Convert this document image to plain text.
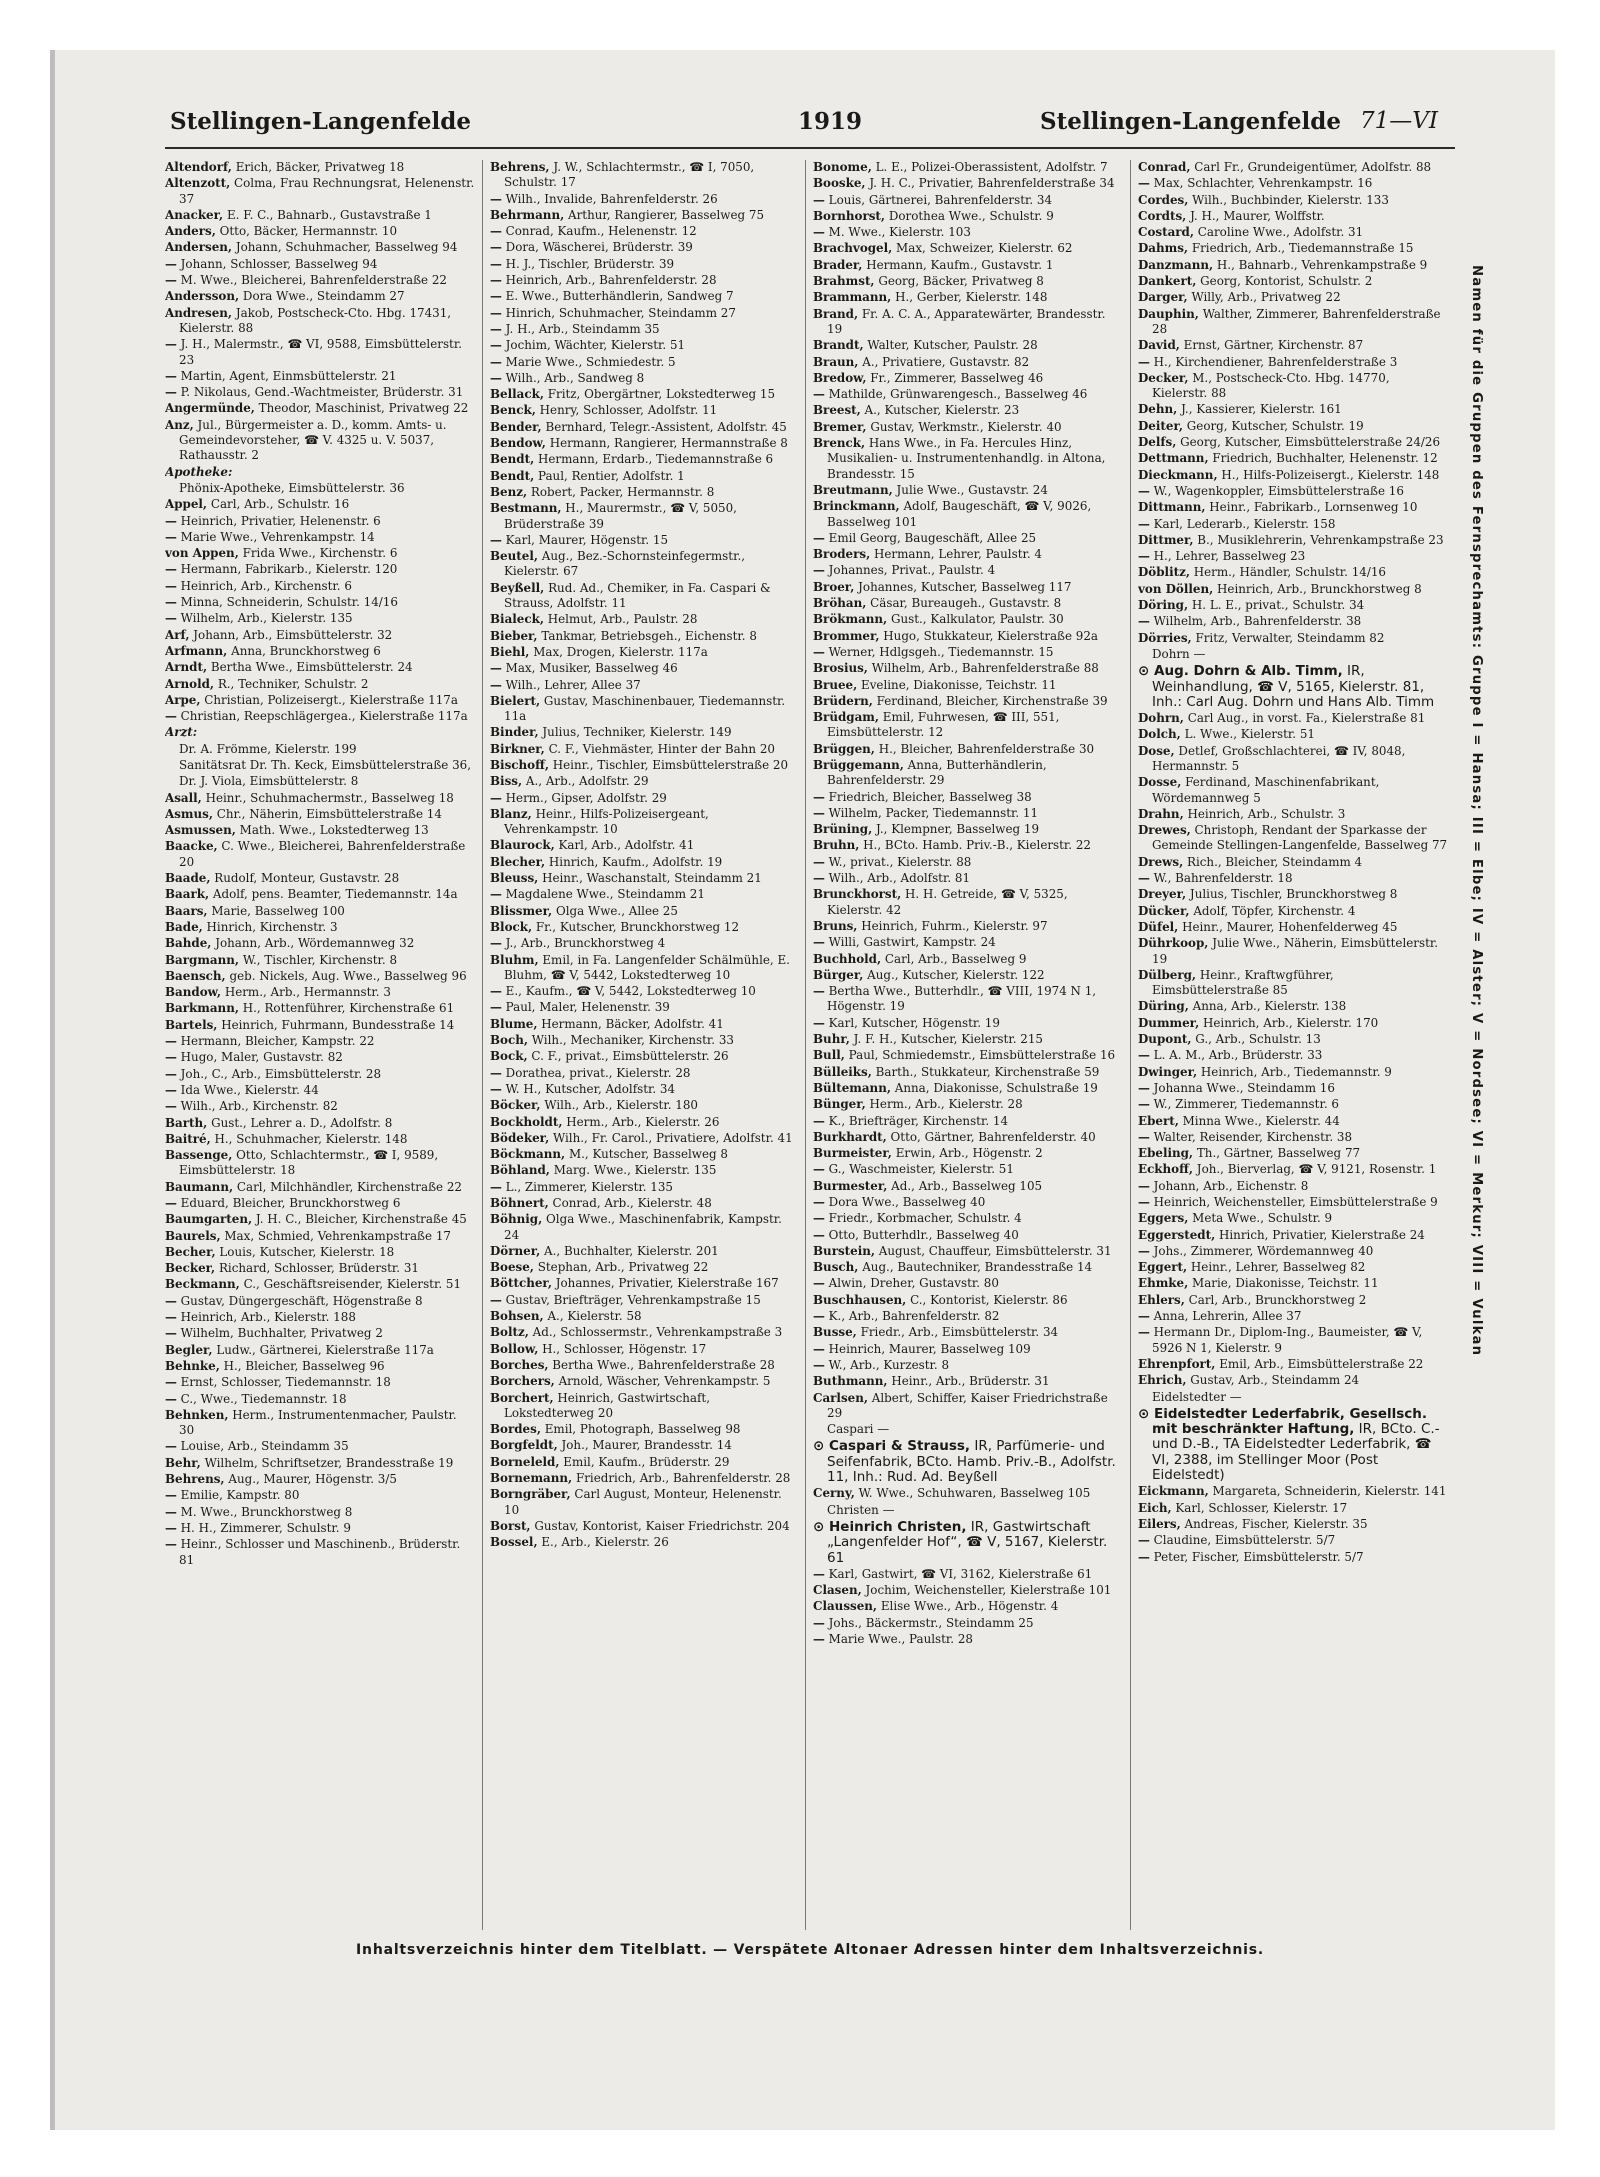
Stellingen-Langenfelde	1919	Stellingen-Langenfelde 71—VI
Altendorf, Erich, Bäcker, Privatweg 18
Altenzott, Colma, Frau Rechnungsrat, Helenenstr. 37
Anacker, E. F. C., Bahnarb., Gustavstraße 1
Anders, Otto, Bäcker, Hermannstr. 10
Andersen, Johann, Schuhmacher, Basselweg 94
— Johann, Schlosser, Basselweg 94
— M. Wwe., Bleicherei, Bahrenfelderstraße 22
Andersson, Dora Wwe., Steindamm 27
Andresen, Jakob, Postscheck-Cto. Hbg. 17431, Kielerstr. 88
— J. H., Malermstr., ☎ VI, 9588, Eimsbüttelerstr. 23
— Martin, Agent, Einmsbüttelerstr. 21
— P. Nikolaus, Gend.-Wachtmeister, Brüderstr. 31
Angermünde, Theodor, Maschinist, Privatweg 22
Anz, Jul., Bürgermeister a. D., komm. Amts- u. Gemeindevorsteher, ☎ V. 4325 u. V. 5037, Rathausstr. 2
Apotheke:
Phönix-Apotheke, Eimsbüttelerstr. 36
Appel, Carl, Arb., Schulstr. 16
— Heinrich, Privatier, Helenenstr. 6
— Marie Wwe., Vehrenkampstr. 14
von Appen, Frida Wwe., Kirchenstr. 6
— Hermann, Fabrikarb., Kielerstr. 120
— Heinrich, Arb., Kirchenstr. 6
— Minna, Schneiderin, Schulstr. 14/16
— Wilhelm, Arb., Kielerstr. 135
Arf, Johann, Arb., Eimsbüttelerstr. 32
Arfmann, Anna, Brunckhorstweg 6
Arndt, Bertha Wwe., Eimsbüttelerstr. 24
Arnold, R., Techniker, Schulstr. 2
Arpe, Christian, Polizeisergt., Kielerstraße 117a
— Christian, Reepschlägergea., Kielerstraße 117a
Arzt:
Dr. A. Frömme, Kielerstr. 199
Sanitätsrat Dr. Th. Keck, Eimsbüttelerstraße 36,
Dr. J. Viola, Eimsbüttelerstr. 8
Asall, Heinr., Schuhmachermstr., Basselweg 18
Asmus, Chr., Näherin, Eimsbüttelerstraße 14
Asmussen, Math. Wwe., Lokstedterweg 13
Baacke, C. Wwe., Bleicherei, Bahrenfelderstraße 20
Baade, Rudolf, Monteur, Gustavstr. 28
Baark, Adolf, pens. Beamter, Tiedemannstr. 14a
Baars, Marie, Basselweg 100
Bade, Hinrich, Kirchenstr. 3
Bahde, Johann, Arb., Wördemannweg 32
Bargmann, W., Tischler, Kirchenstr. 8
Baensch, geb. Nickels, Aug. Wwe., Basselweg 96
Bandow, Herm., Arb., Hermannstr. 3
Barkmann, H., Rottenführer, Kirchenstraße 61
Bartels, Heinrich, Fuhrmann, Bundesstraße 14
— Hermann, Bleicher, Kampstr. 22
— Hugo, Maler, Gustavstr. 82
— Joh., C., Arb., Eimsbüttelerstr. 28
— Ida Wwe., Kielerstr. 44
— Wilh., Arb., Kirchenstr. 82
Barth, Gust., Lehrer a. D., Adolfstr. 8
Baitré, H., Schuhmacher, Kielerstr. 148
Bassenge, Otto, Schlachtermstr., ☎ I, 9589, Eimsbüttelerstr. 18
Baumann, Carl, Milchhändler, Kirchenstraße 22
— Eduard, Bleicher, Brunckhorstweg 6
Baumgarten, J. H. C., Bleicher, Kirchenstraße 45
Baurels, Max, Schmied, Vehrenkampstraße 17
Becher, Louis, Kutscher, Kielerstr. 18
Becker, Richard, Schlosser, Brüderstr. 31
Beckmann, C., Geschäftsreisender, Kielerstr. 51
— Gustav, Düngergeschäft, Högenstraße 8
— Heinrich, Arb., Kielerstr. 188
— Wilhelm, Buchhalter, Privatweg 2
Begler, Ludw., Gärtnerei, Kielerstraße 117a
Behnke, H., Bleicher, Basselweg 96
— Ernst, Schlosser, Tiedemannstr. 18
— C., Wwe., Tiedemannstr. 18
Behnken, Herm., Instrumentenmacher, Paulstr. 30
— Louise, Arb., Steindamm 35
Behr, Wilhelm, Schriftsetzer, Brandesstraße 19
Behrens, Aug., Maurer, Högenstr. 3/5
— Emilie, Kampstr. 80
— M. Wwe., Brunckhorstweg 8
— H. H., Zimmerer, Schulstr. 9
— Heinr., Schlosser und Maschinenb., Brüderstr. 81
Behrens, J. W., Schlachtermstr., ☎ I, 7050, Schulstr. 17
— Wilh., Invalide, Bahrenfelderstr. 26
Behrmann, Arthur, Rangierer, Basselweg 75
— Conrad, Kaufm., Helenenstr. 12
— Dora, Wäscherei, Brüderstr. 39
— H. J., Tischler, Brüderstr. 39
— Heinrich, Arb., Bahrenfelderstr. 28
— E. Wwe., Butterhändlerin, Sandweg 7
— Hinrich, Schuhmacher, Steindamm 27
— J. H., Arb., Steindamm 35
— Jochim, Wächter, Kielerstr. 51
— Marie Wwe., Schmiedestr. 5
— Wilh., Arb., Sandweg 8
Bellack, Fritz, Obergärtner, Lokstedterweg 15
Benck, Henry, Schlosser, Adolfstr. 11
Bender, Bernhard, Telegr.-Assistent, Adolfstr. 45
Bendow, Hermann, Rangierer, Hermannstraße 8
Bendt, Hermann, Erdarb., Tiedemannstraße 6
Bendt, Paul, Rentier, Adolfstr. 1
Benz, Robert, Packer, Hermannstr. 8
Bestmann, H., Maurermstr., ☎ V, 5050, Brüderstraße 39
— Karl, Maurer, Högenstr. 15
Beutel, Aug., Bez.-Schornsteinfegermstr., Kielerstr. 67
Beyßell, Rud. Ad., Chemiker, in Fa. Caspari & Strauss, Adolfstr. 11
Bialeck, Helmut, Arb., Paulstr. 28
Bieber, Tankmar, Betriebsgeh., Eichenstr. 8
Biehl, Max, Drogen, Kielerstr. 117a
— Max, Musiker, Basselweg 46
— Wilh., Lehrer, Allee 37
Bielert, Gustav, Maschinenbauer, Tiedemannstr. 11a
Binder, Julius, Techniker, Kielerstr. 149
Birkner, C. F., Viehmäster, Hinter der Bahn 20
Bischoff, Heinr., Tischler, Eimsbüttelerstraße 20
Biss, A., Arb., Adolfstr. 29
— Herm., Gipser, Adolfstr. 29
Blanz, Heinr., Hilfs-Polizeisergeant, Vehrenkampstr. 10
Blaurock, Karl, Arb., Adolfstr. 41
Blecher, Hinrich, Kaufm., Adolfstr. 19
Bleuss, Heinr., Waschanstalt, Steindamm 21
— Magdalene Wwe., Steindamm 21
Blissmer, Olga Wwe., Allee 25
Block, Fr., Kutscher, Brunckhorstweg 12
— J., Arb., Brunckhorstweg 4
Bluhm, Emil, in Fa. Langenfelder Schälmühle, E. Bluhm, ☎ V, 5442, Lokstedterweg 10
— E., Kaufm., ☎ V, 5442, Lokstedterweg 10
— Paul, Maler, Helenenstr. 39
Blume, Hermann, Bäcker, Adolfstr. 41
Boch, Wilh., Mechaniker, Kirchenstr. 33
Bock, C. F., privat., Eimsbüttelerstr. 26
— Dorathea, privat., Kielerstr. 28
— W. H., Kutscher, Adolfstr. 34
Böcker, Wilh., Arb., Kielerstr. 180
Bockholdt, Herm., Arb., Kielerstr. 26
Bödeker, Wilh., Fr. Carol., Privatiere, Adolfstr. 41
Böckmann, M., Kutscher, Basselweg 8
Böhland, Marg. Wwe., Kielerstr. 135
— L., Zimmerer, Kielerstr. 135
Böhnert, Conrad, Arb., Kielerstr. 48
Böhnig, Olga Wwe., Maschinenfabrik, Kampstr. 24
Dörner, A., Buchhalter, Kielerstr. 201
Boese, Stephan, Arb., Privatweg 22
Böttcher, Johannes, Privatier, Kielerstraße 167
— Gustav, Briefträger, Vehrenkampstraße 15
Bohsen, A., Kielerstr. 58
Boltz, Ad., Schlossermstr., Vehrenkampstraße 3
Bollow, H., Schlosser, Högenstr. 17
Borches, Bertha Wwe., Bahrenfelderstraße 28
Borchers, Arnold, Wäscher, Vehrenkampstr. 5
Borchert, Heinrich, Gastwirtschaft, Lokstedterweg 20
Bordes, Emil, Photograph, Basselweg 98
Borgfeldt, Joh., Maurer, Brandesstr. 14
Borneleld, Emil, Kaufm., Brüderstr. 29
Bornemann, Friedrich, Arb., Bahrenfelderstr. 28
Borngräber, Carl August, Monteur, Helenenstr. 10
Borst, Gustav, Kontorist, Kaiser Friedrichstr. 204
Bossel, E., Arb., Kielerstr. 26
Bonome, L. E., Polizei-Oberassistent, Adolfstr. 7
Booske, J. H. C., Privatier, Bahrenfelderstraße 34
— Louis, Gärtnerei, Bahrenfelderstr. 34
Bornhorst, Dorothea Wwe., Schulstr. 9
— M. Wwe., Kielerstr. 103
Brachvogel, Max, Schweizer, Kielerstr. 62
Brader, Hermann, Kaufm., Gustavstr. 1
Brahmst, Georg, Bäcker, Privatweg 8
Brammann, H., Gerber, Kielerstr. 148
Brand, Fr. A. C. A., Apparatewärter, Brandesstr. 19
Brandt, Walter, Kutscher, Paulstr. 28
Braun, A., Privatiere, Gustavstr. 82
Bredow, Fr., Zimmerer, Basselweg 46
— Mathilde, Grünwarengesch., Basselweg 46
Breest, A., Kutscher, Kielerstr. 23
Bremer, Gustav, Werkmstr., Kielerstr. 40
Brenck, Hans Wwe., in Fa. Hercules Hinz, Musikalien- u. Instrumentenhandlg. in Altona, Brandesstr. 15
Breutmann, Julie Wwe., Gustavstr. 24
Brinckmann, Adolf, Baugeschäft, ☎ V, 9026, Basselweg 101
— Emil Georg, Baugeschäft, Allee 25
Broders, Hermann, Lehrer, Paulstr. 4
— Johannes, Privat., Paulstr. 4
Broer, Johannes, Kutscher, Basselweg 117
Bröhan, Cäsar, Bureaugeh., Gustavstr. 8
Brökmann, Gust., Kalkulator, Paulstr. 30
Brommer, Hugo, Stukkateur, Kielerstraße 92a
— Werner, Hdlgsgeh., Tiedemannstr. 15
Brosius, Wilhelm, Arb., Bahrenfelderstraße 88
Bruee, Eveline, Diakonisse, Teichstr. 11
Brüdern, Ferdinand, Bleicher, Kirchenstraße 39
Brüdgam, Emil, Fuhrwesen, ☎ III, 551, Eimsbüttelerstr. 12
Brüggen, H., Bleicher, Bahrenfelderstraße 30
Brüggemann, Anna, Butterhändlerin, Bahrenfelderstr. 29
— Friedrich, Bleicher, Basselweg 38
— Wilhelm, Packer, Tiedemannstr. 11
Brüning, J., Klempner, Basselweg 19
Bruhn, H., BCto. Hamb. Priv.-B., Kielerstr. 22
— W., privat., Kielerstr. 88
— Wilh., Arb., Adolfstr. 81
Brunckhorst, H. H. Getreide, ☎ V, 5325, Kielerstr. 42
Bruns, Heinrich, Fuhrm., Kielerstr. 97
— Willi, Gastwirt, Kampstr. 24
Buchhold, Carl, Arb., Basselweg 9
Bürger, Aug., Kutscher, Kielerstr. 122
— Bertha Wwe., Butterhdlr., ☎ VIII, 1974 N 1, Högenstr. 19
— Karl, Kutscher, Högenstr. 19
Buhr, J. F. H., Kutscher, Kielerstr. 215
Bull, Paul, Schmiedemstr., Eimsbüttelerstraße 16
Bülleiks, Barth., Stukkateur, Kirchenstraße 59
Bültemann, Anna, Diakonisse, Schulstraße 19
Bünger, Herm., Arb., Kielerstr. 28
— K., Briefträger, Kirchenstr. 14
Burkhardt, Otto, Gärtner, Bahrenfelderstr. 40
Burmeister, Erwin, Arb., Högenstr. 2
— G., Waschmeister, Kielerstr. 51
Burmester, Ad., Arb., Basselweg 105
— Dora Wwe., Basselweg 40
— Friedr., Korbmacher, Schulstr. 4
— Otto, Butterhdlr., Basselweg 40
Burstein, August, Chauffeur, Eimsbüttelerstr. 31
Busch, Aug., Bautechniker, Brandesstraße 14
— Alwin, Dreher, Gustavstr. 80
Buschhausen, C., Kontorist, Kielerstr. 86
— K., Arb., Bahrenfelderstr. 82
Busse, Friedr., Arb., Eimsbüttelerstr. 34
— Heinrich, Maurer, Basselweg 109
— W., Arb., Kurzestr. 8
Buthmann, Heinr., Arb., Brüderstr. 31
Carlsen, Albert, Schiffer, Kaiser Friedrichstraße 29
Caspari —
⊙ Caspari & Strauss, IR, Parfümerie- und Seifenfabrik, BCto. Hamb. Priv.-B., Adolfstr. 11, Inh.: Rud. Ad. Beyßell
Cerny, W. Wwe., Schuhwaren, Basselweg 105
Christen —
⊙ Heinrich Christen, IR, Gastwirtschaft „Langenfelder Hof“, ☎ V, 5167, Kielerstr. 61
— Karl, Gastwirt, ☎ VI, 3162, Kielerstraße 61
Clasen, Jochim, Weichensteller, Kielerstraße 101
Claussen, Elise Wwe., Arb., Högenstr. 4
— Johs., Bäckermstr., Steindamm 25
— Marie Wwe., Paulstr. 28
Conrad, Carl Fr., Grundeigentümer, Adolfstr. 88
— Max, Schlachter, Vehrenkampstr. 16
Cordes, Wilh., Buchbinder, Kielerstr. 133
Cordts, J. H., Maurer, Wolffstr.
Costard, Caroline Wwe., Adolfstr. 31
Dahms, Friedrich, Arb., Tiedemannstraße 15
Danzmann, H., Bahnarb., Vehrenkampstraße 9
Dankert, Georg, Kontorist, Schulstr. 2
Darger, Willy, Arb., Privatweg 22
Dauphin, Walther, Zimmerer, Bahrenfelderstraße 28
David, Ernst, Gärtner, Kirchenstr. 87
— H., Kirchendiener, Bahrenfelderstraße 3
Decker, M., Postscheck-Cto. Hbg. 14770, Kielerstr. 88
Dehn, J., Kassierer, Kielerstr. 161
Deiter, Georg, Kutscher, Schulstr. 19
Delfs, Georg, Kutscher, Eimsbüttelerstraße 24/26
Dettmann, Friedrich, Buchhalter, Helenenstr. 12
Dieckmann, H., Hilfs-Polizeisergt., Kielerstr. 148
— W., Wagenkoppler, Eimsbüttelerstraße 16
Dittmann, Heinr., Fabrikarb., Lornsenweg 10
— Karl, Lederarb., Kielerstr. 158
Dittmer, B., Musiklehrerin, Vehrenkampstraße 23
— H., Lehrer, Basselweg 23
Döblitz, Herm., Händler, Schulstr. 14/16
von Döllen, Heinrich, Arb., Brunckhorstweg 8
Döring, H. L. E., privat., Schulstr. 34
— Wilhelm, Arb., Bahrenfelderstr. 38
Dörries, Fritz, Verwalter, Steindamm 82
Dohrn —
⊙ Aug. Dohrn & Alb. Timm, IR, Weinhandlung, ☎ V, 5165, Kielerstr. 81, Inh.: Carl Aug. Dohrn und Hans Alb. Timm
Dohrn, Carl Aug., in vorst. Fa., Kielerstraße 81
Dolch, L. Wwe., Kielerstr. 51
Dose, Detlef, Großschlachterei, ☎ IV, 8048, Hermannstr. 5
Dosse, Ferdinand, Maschinenfabrikant, Wördemannweg 5
Drahn, Heinrich, Arb., Schulstr. 3
Drewes, Christoph, Rendant der Sparkasse der Gemeinde Stellingen-Langenfelde, Basselweg 77
Drews, Rich., Bleicher, Steindamm 4
— W., Bahrenfelderstr. 18
Dreyer, Julius, Tischler, Brunckhorstweg 8
Dücker, Adolf, Töpfer, Kirchenstr. 4
Düfel, Heinr., Maurer, Hohenfelderweg 45
Dührkoop, Julie Wwe., Näherin, Eimsbüttelerstr. 19
Dülberg, Heinr., Kraftwgführer, Eimsbüttelerstraße 85
Düring, Anna, Arb., Kielerstr. 138
Dummer, Heinrich, Arb., Kielerstr. 170
Dupont, G., Arb., Schulstr. 13
— L. A. M., Arb., Brüderstr. 33
Dwinger, Heinrich, Arb., Tiedemannstr. 9
— Johanna Wwe., Steindamm 16
— W., Zimmerer, Tiedemannstr. 6
Ebert, Minna Wwe., Kielerstr. 44
— Walter, Reisender, Kirchenstr. 38
Ebeling, Th., Gärtner, Basselweg 77
Eckhoff, Joh., Bierverlag, ☎ V, 9121, Rosenstr. 1
— Johann, Arb., Eichenstr. 8
— Heinrich, Weichensteller, Eimsbüttelerstraße 9
Eggers, Meta Wwe., Schulstr. 9
Eggerstedt, Hinrich, Privatier, Kielerstraße 24
— Johs., Zimmerer, Wördemannweg 40
Eggert, Heinr., Lehrer, Basselweg 82
Ehmke, Marie, Diakonisse, Teichstr. 11
Ehlers, Carl, Arb., Brunckhorstweg 2
— Anna, Lehrerin, Allee 37
— Hermann Dr., Diplom-Ing., Baumeister, ☎ V, 5926 N 1, Kielerstr. 9
Ehrenpfort, Emil, Arb., Eimsbüttelerstraße 22
Ehrich, Gustav, Arb., Steindamm 24
Eidelstedter —
⊙ Eidelstedter Lederfabrik, Gesellsch. mit beschränkter Haftung, IR, BCto. C.- und D.-B., TA Eidelstedter Lederfabrik, ☎ VI, 2388, im Stellinger Moor (Post Eidelstedt)
Eickmann, Margareta, Schneiderin, Kielerstr. 141
Eich, Karl, Schlosser, Kielerstr. 17
Eilers, Andreas, Fischer, Kielerstr. 35
— Claudine, Eimsbüttelerstr. 5/7
— Peter, Fischer, Eimsbüttelerstr. 5/7
Namen für die Gruppen des Fernsprechamts: Gruppe I = Hansa; III = Elbe; IV = Alster; V = Nordsee; VI = Merkur; VIII = Vulkan
Inhaltsverzeichnis hinter dem Titelblatt. — Verspätete Altonaer Adressen hinter dem Inhaltsverzeichnis.
